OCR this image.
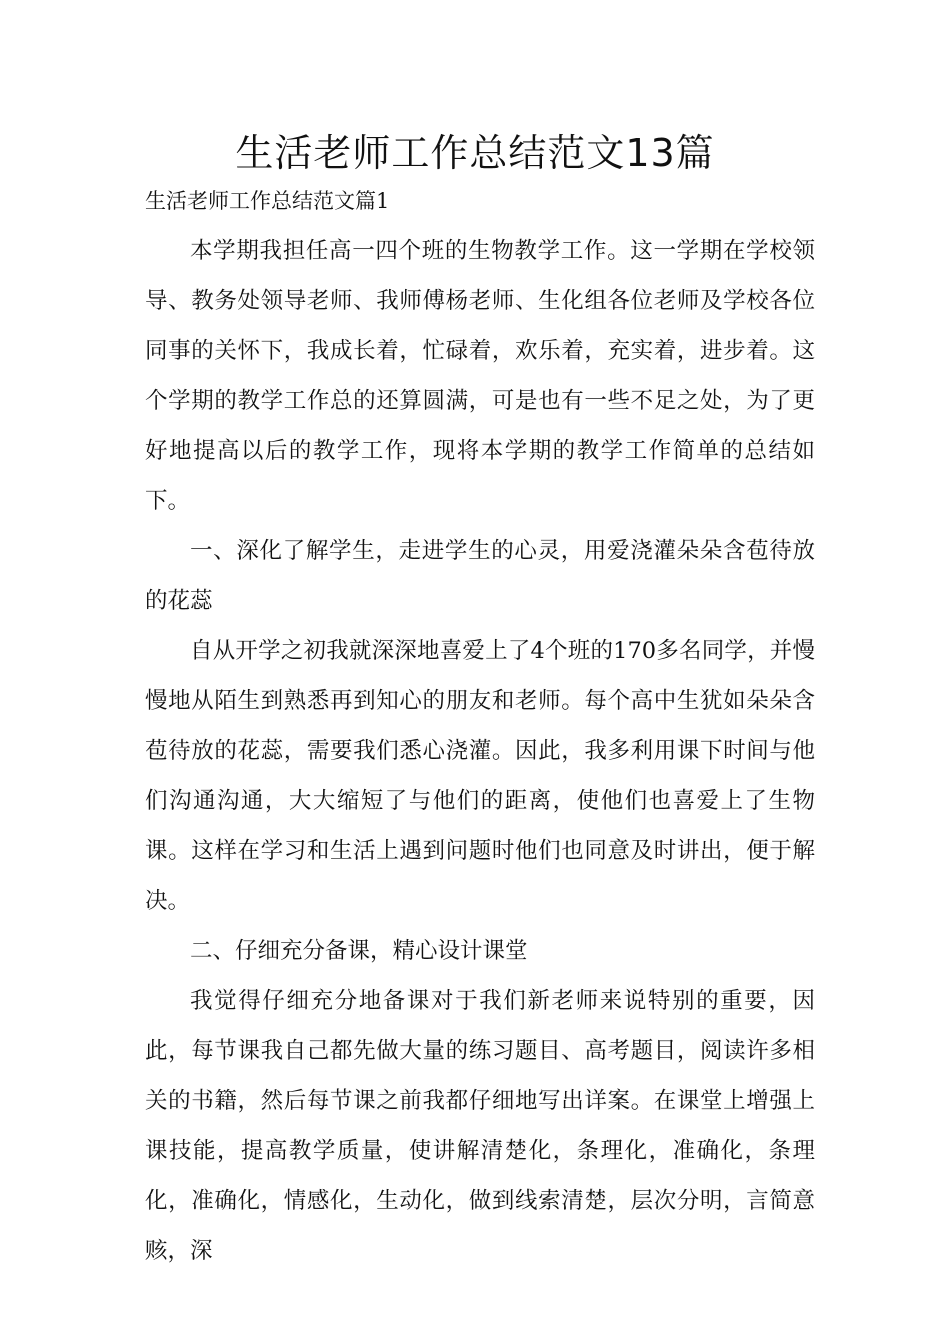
生活老师工作总结范文13篇
生活老师工作总结范文篇1
本学期我担任高一四个班的生物教学工作。这一学期在学校领导、教务处领导老师、我师傅杨老师、生化组各位老师及学校各位同事的关怀下，我成长着，忙碌着，欢乐着，充实着，进步着。这个学期的教学工作总的还算圆满，可是也有一些不足之处，为了更好地提高以后的教学工作，现将本学期的教学工作简单的总结如下。
一、深化了解学生，走进学生的心灵，用爱浇灌朵朵含苞待放的花蕊
自从开学之初我就深深地喜爱上了4个班的170多名同学，并慢慢地从陌生到熟悉再到知心的朋友和老师。每个高中生犹如朵朵含苞待放的花蕊，需要我们悉心浇灌。因此，我多利用课下时间与他们沟通沟通，大大缩短了与他们的距离，使他们也喜爱上了生物课。这样在学习和生活上遇到问题时他们也同意及时讲出，便于解决。
二、仔细充分备课，精心设计课堂
我觉得仔细充分地备课对于我们新老师来说特别的重要，因此，每节课我自己都先做大量的练习题目、高考题目，阅读许多相关的书籍，然后每节课之前我都仔细地写出详案。在课堂上增强上课技能，提高教学质量，使讲解清楚化，条理化，准确化，条理化，准确化，情感化，生动化，做到线索清楚，层次分明，言简意赅，深
